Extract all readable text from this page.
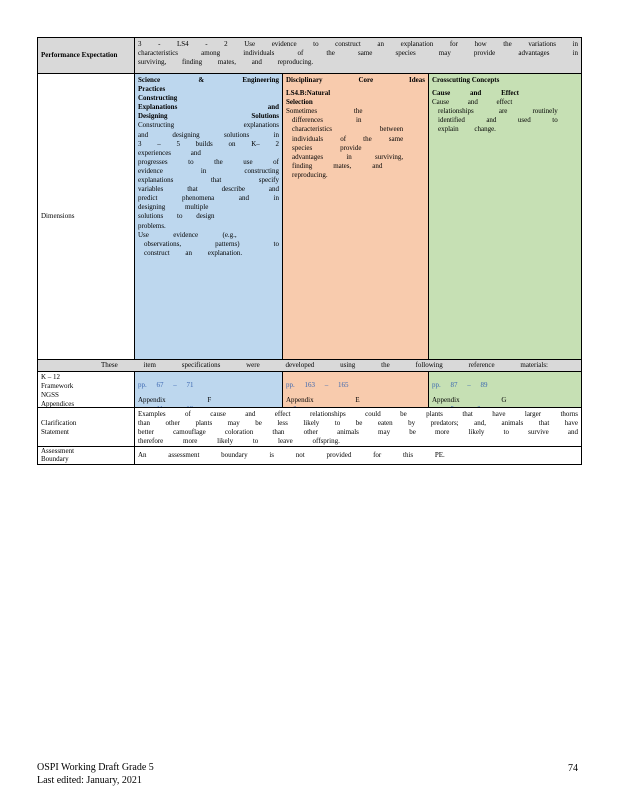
Performance Expectation
3 - LS4 - 2 Use evidence to construct an explanation for how the variations in
characteristics among individuals of the same species may provide advantages in
surviving, finding mates, and reproducing.
Dimensions
Science & Engineering
Practices
Constructing
Explanations and
Designing Solutions
Constructing explanations
and designing solutions in
3 – 5 builds on K– 2
experiences and
progresses to the use of
evidence in constructing
explanations that specify
variables that describe and
predict phenomena and in
designing multiple
solutions to design
problems.
Use evidence (e.g.,
observations, patterns) to
construct an explanation.
Disciplinary Core Ideas
LS4.B:Natural
Selection
Sometimes the
differences in
characteristics between
individuals of the same
species provide
advantages in surviving,
finding mates, and
reproducing.
Crosscutting Concepts
Cause and Effect
Cause and effect
relationships are routinely
identified and used to
explain change.
These item specifications were developed using the following reference materials:
K – 12
Framework
NGSS
Appendices
pp. 67 – 71
Appendix F
pp. 163 – 165
Appendix E
pp. 87 – 89
Appendix G
Clarification
Statement
Examples of cause and effect relationships could be plants that have larger thorns
than other plants may be less likely to be eaten by predators; and, animals that have
better camouflage coloration than other animals may be more likely to survive and
therefore more likely to leave offspring.
Assessment
Boundary
An assessment boundary is not provided for this PE.
OSPI Working Draft Grade 5
Last edited: January, 2021
74
